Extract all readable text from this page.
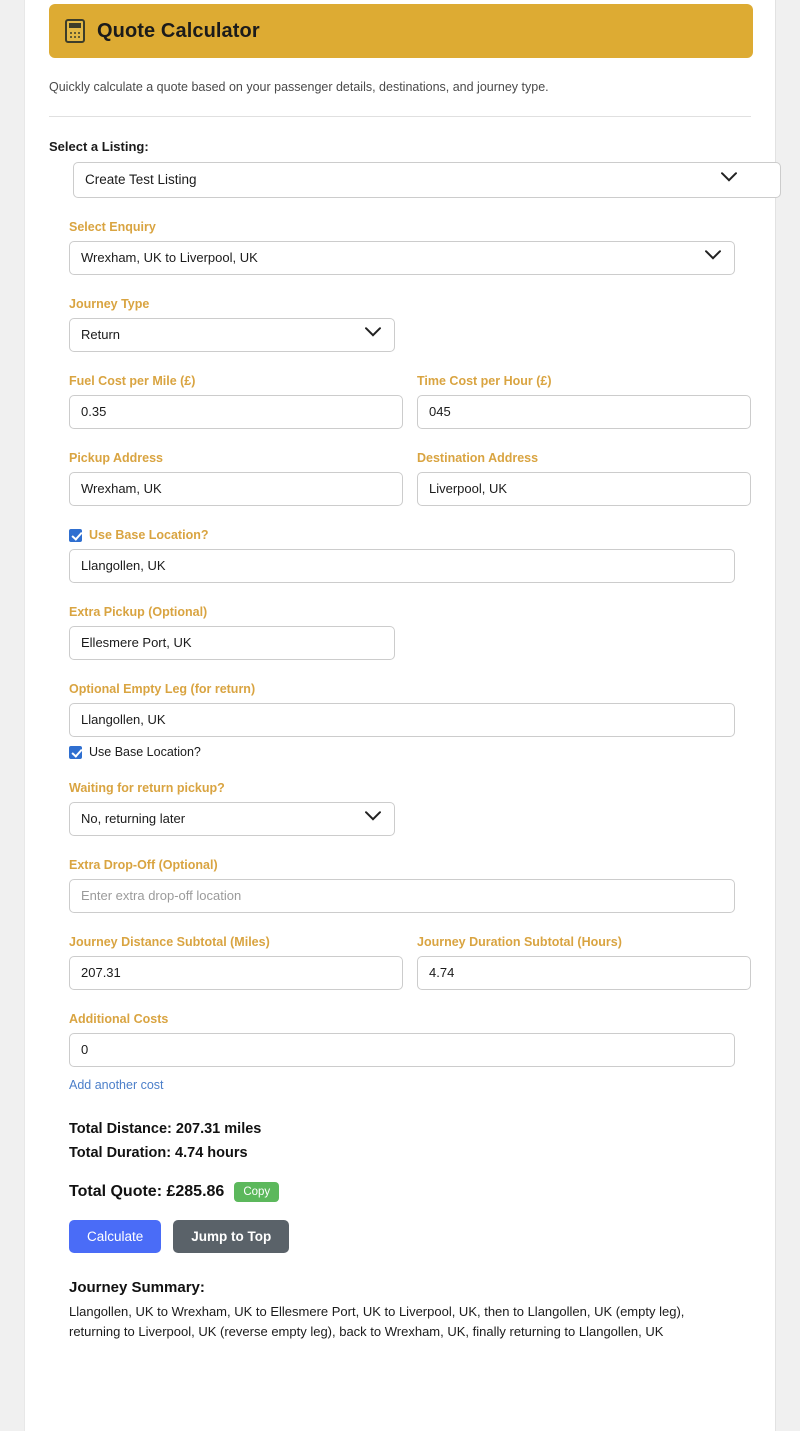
Quote Calculator

Quickly calculate a quote based on your passenger details, destinations, and journey type.

Select a Listing:
Create Test Listing
Select Enquiry
Wrexham, UK to Liverpool, UK
Journey Type
Return
Fuel Cost per Mile (£)
0.35
Time Cost per Hour (£)
045
Pickup Address
Wrexham, UK
Destination Address
Liverpool, UK
Use Base Location?
Llangollen, UK
Extra Pickup (Optional)
Ellesmere Port, UK
Optional Empty Leg (for return)
Llangollen, UK
Use Base Location?
Waiting for return pickup?
No, returning later
Extra Drop-Off (Optional)
Enter extra drop-off location
Journey Distance Subtotal (Miles)
207.31
Journey Duration Subtotal (Hours)
4.74
Additional Costs
0
Add another cost
Total Distance: 207.31 miles
Total Duration: 4.74 hours
Total Quote: £285.86	Copy
Calculate	Jump to Top
Journey Summary:
Llangollen, UK to Wrexham, UK to Ellesmere Port, UK to Liverpool, UK, then to Llangollen, UK (empty leg), returning to Liverpool, UK (reverse empty leg), back to Wrexham, UK, finally returning to Llangollen, UK
